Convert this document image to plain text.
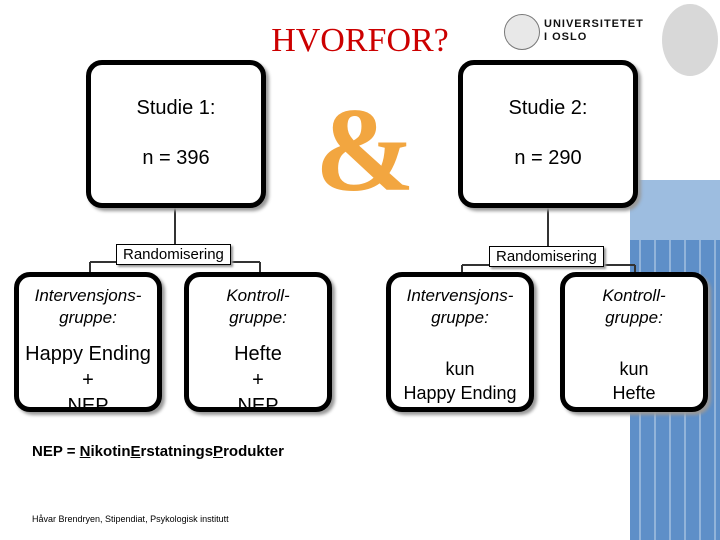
HVORFOR?	UNIVERSITETET
I OSLO
Studie 1:
n = 396 &	Studie 2:
n = 290
Randomisering	Randomisering
Intervensjons-
gruppe:
Happy Ending
+
NEP
Kontroll-
gruppe:
Hefte
+
NEP
Intervensjons-
gruppe:
kun
Happy Ending
Kontroll-
gruppe:
kun
Hefte
NEP = NikotinErstatningsProdukter
Håvar Brendryen, Stipendiat, Psykologisk institutt
